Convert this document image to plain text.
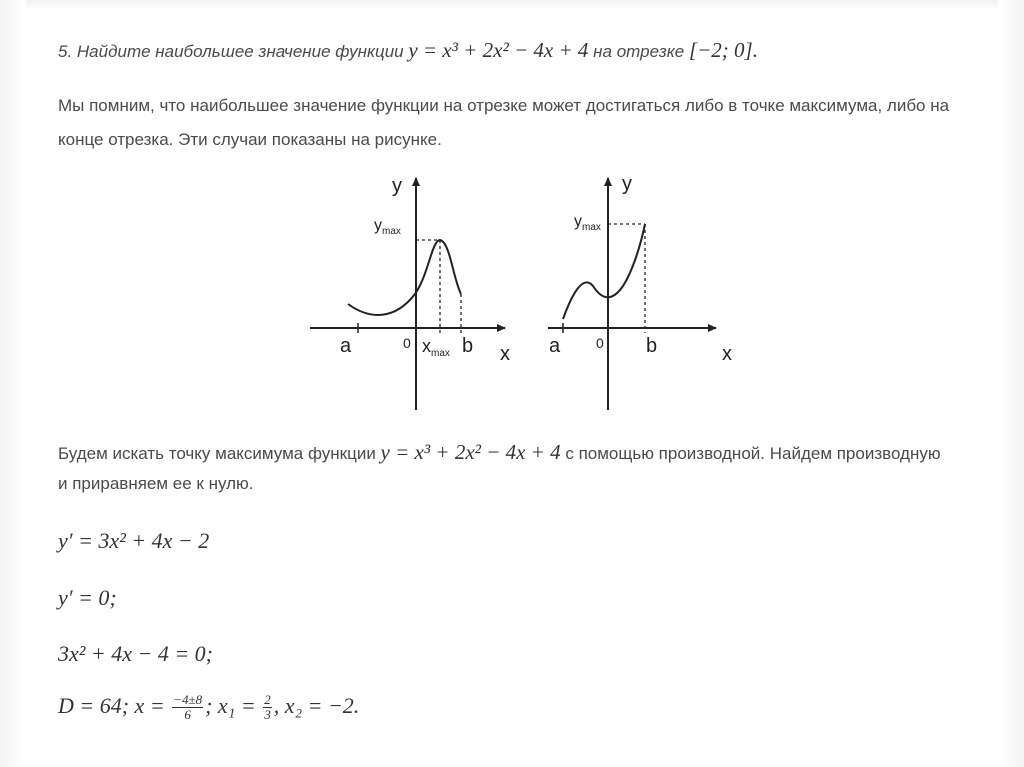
5. Найдите наибольшее значение функции y = x³ + 2x² − 4x + 4 на отрезке [−2; 0].
Мы помним, что наибольшее значение функции на отрезке может достигаться либо в точке максимума, либо на
конце отрезка. Эти случаи показаны на рисунке.
y
x
$y_{max}$
a	0 $x_{max}$ b
y
x
$y_{max}$
a	0 b
Будем искать точку максимума функции y = x³ + 2x² − 4x + 4 с помощью производной. Найдем производную
и приравняем ее к нулю.
y′ = 3x² + 4x − 2
y′ = 0;
3x² + 4x − 4 = 0;
D = 64; $x = \frac{-4\pm 8}{6}$ ; $x_1 = \frac{2}{3}$ , x₂ = −2.
